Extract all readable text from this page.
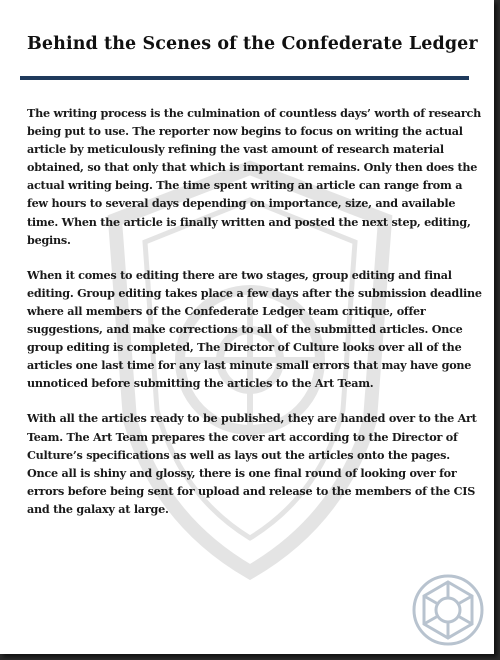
Behind the Scenes of the Confederate Ledger

The writing process is the culmination of countless days’ worth of research being put to use. The reporter now begins to focus on writing the actual article by meticulously refining the vast amount of research material obtained, so that only that which is important remains. Only then does the actual writing being. The time spent writing an article can range from a few hours to several days depending on importance, size, and available time. When the article is finally written and posted the next step, editing, begins.

When it comes to editing there are two stages, group editing and final editing. Group editing takes place a few days after the submission deadline where all members of the Confederate Ledger team critique, offer suggestions, and make corrections to all of the submitted articles. Once group editing is completed, The Director of Culture looks over all of the articles one last time for any last minute small errors that may have gone unnoticed before submitting the articles to the Art Team.

With all the articles ready to be published, they are handed over to the Art Team. The Art Team prepares the cover art according to the Director of Culture’s specifications as well as lays out the articles onto the pages. Once all is shiny and glossy, there is one final round of looking over for errors before being sent for upload and release to the members of the CIS and the galaxy at large.
